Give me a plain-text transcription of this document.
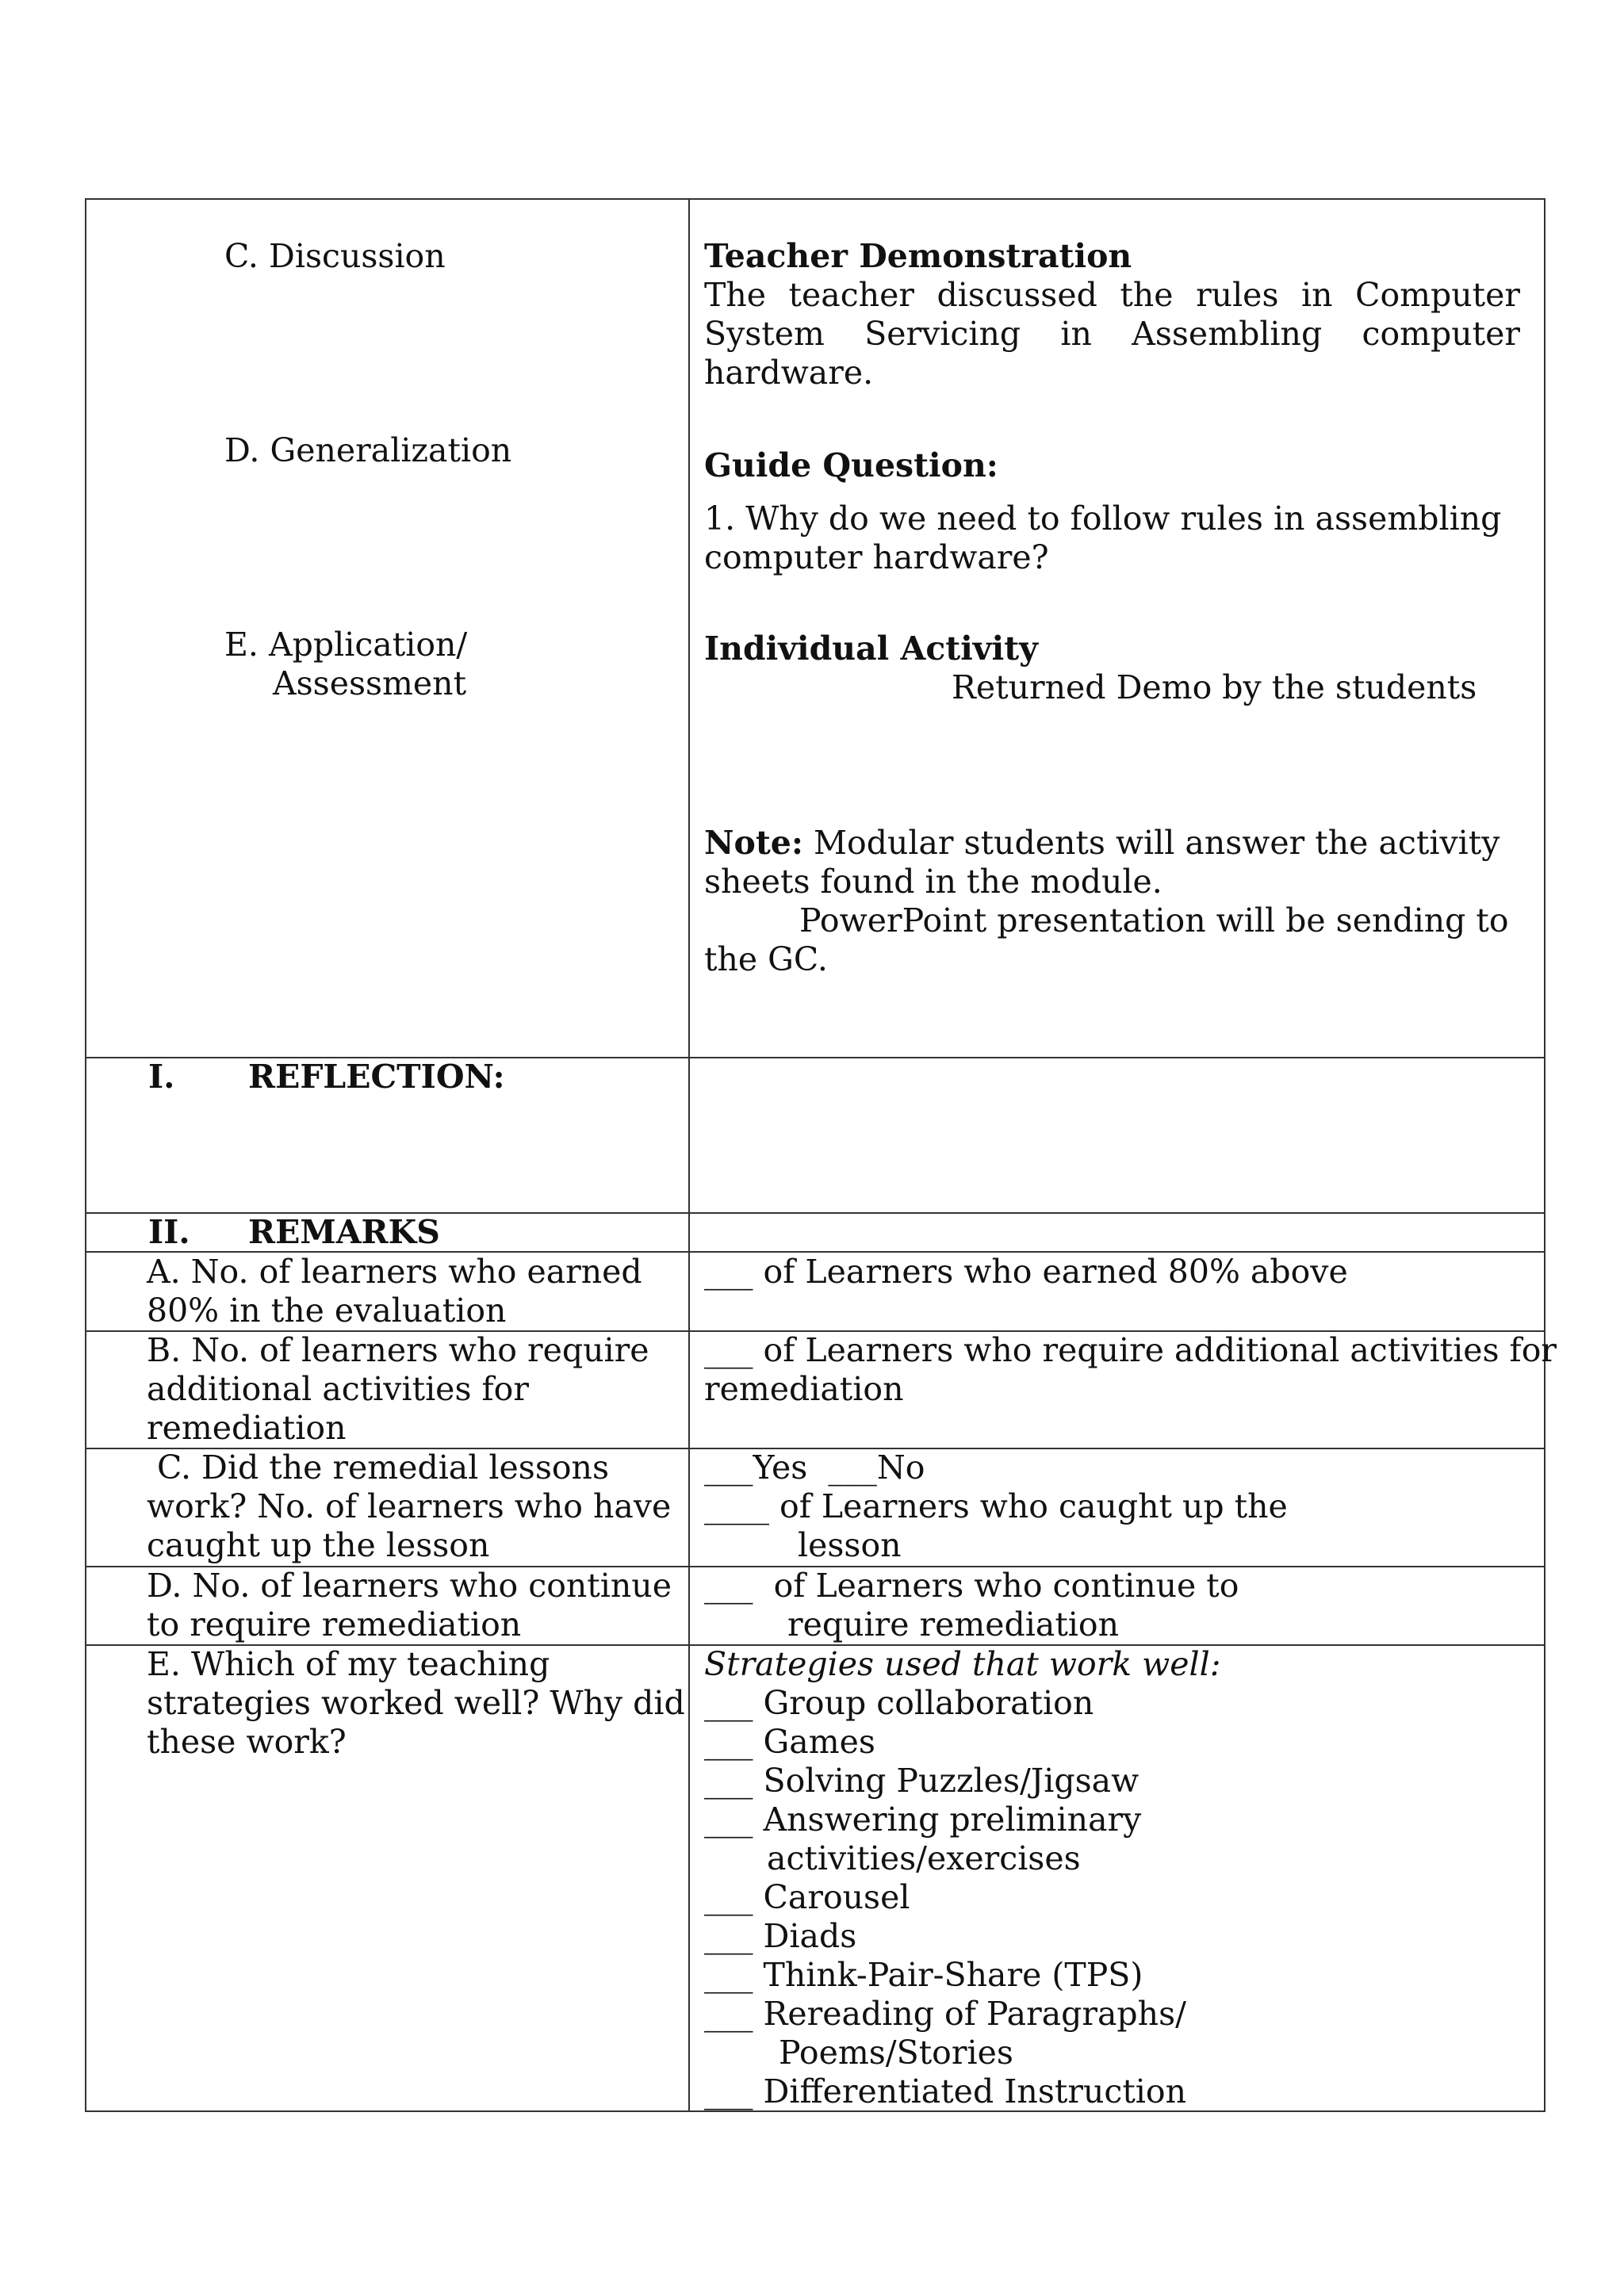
C. Discussion
D. Generalization
E. Application/
Assessment
Teacher Demonstration
The teacher discussed the rules in Computer
System Servicing in Assembling computer
hardware.
Guide Question:
1. Why do we need to follow rules in assembling
computer hardware?
Individual Activity
Returned Demo by the students
Note: Modular students will answer the activity
sheets found in the module.
PowerPoint presentation will be sending to
the GC.
I. REFLECTION:
II. REMARKS
A. No. of learners who earned
80% in the evaluation
___ of Learners who earned 80% above
B. No. of learners who require
additional activities for
remediation
___ of Learners who require additional activities for
remediation
C. Did the remedial lessons
work? No. of learners who have
caught up the lesson
___Yes  ___No
____ of Learners who caught up the
lesson
D. No. of learners who continue
to require remediation
___  of Learners who continue to
require remediation
E. Which of my teaching
strategies worked well? Why did
these work?
Strategies used that work well:
___ Group collaboration
___ Games
___ Solving Puzzles/Jigsaw
___ Answering preliminary
activities/exercises
___ Carousel
___ Diads
___ Think-Pair-Share (TPS)
___ Rereading of Paragraphs/
Poems/Stories
___ Differentiated Instruction
